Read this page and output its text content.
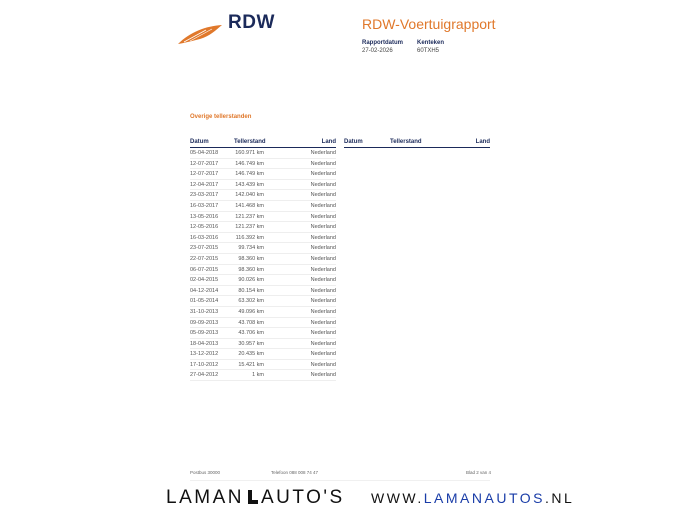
RDW	RDW-Voertuigrapport
Rapportdatum
27-02-2026
Kenteken
60TXH5
Overige tellerstanden
Datum	Tellerstand	Land Datum	Tellerstand	Land
05-04-2018	160.971 km	Nederland
12-07-2017	146.749 km	Nederland
12-07-2017	146.749 km	Nederland
12-04-2017	143.439 km	Nederland
23-03-2017	142.040 km	Nederland
16-03-2017	141.468 km	Nederland
13-05-2016	121.237 km	Nederland
12-05-2016	121.237 km	Nederland
16-03-2016	116.392 km	Nederland
23-07-2015	99.734 km	Nederland
22-07-2015	98.360 km	Nederland
06-07-2015	98.360 km	Nederland
02-04-2015	90.026 km	Nederland
04-12-2014	80.154 km	Nederland
01-05-2014	63.302 km	Nederland
31-10-2013	49.096 km	Nederland
09-09-2013	43.708 km	Nederland
05-09-2013	43.706 km	Nederland
18-04-2013	30.957 km	Nederland
13-12-2012	20.435 km	Nederland
17-10-2012	15.421 km	Nederland
27-04-2012	1 km	Nederland
Postbus 30000	Telefoon 088 008 74 47	Blad 2 van 4
LAMAN AUTO'S WWW.LAMANAUTOS.NL
